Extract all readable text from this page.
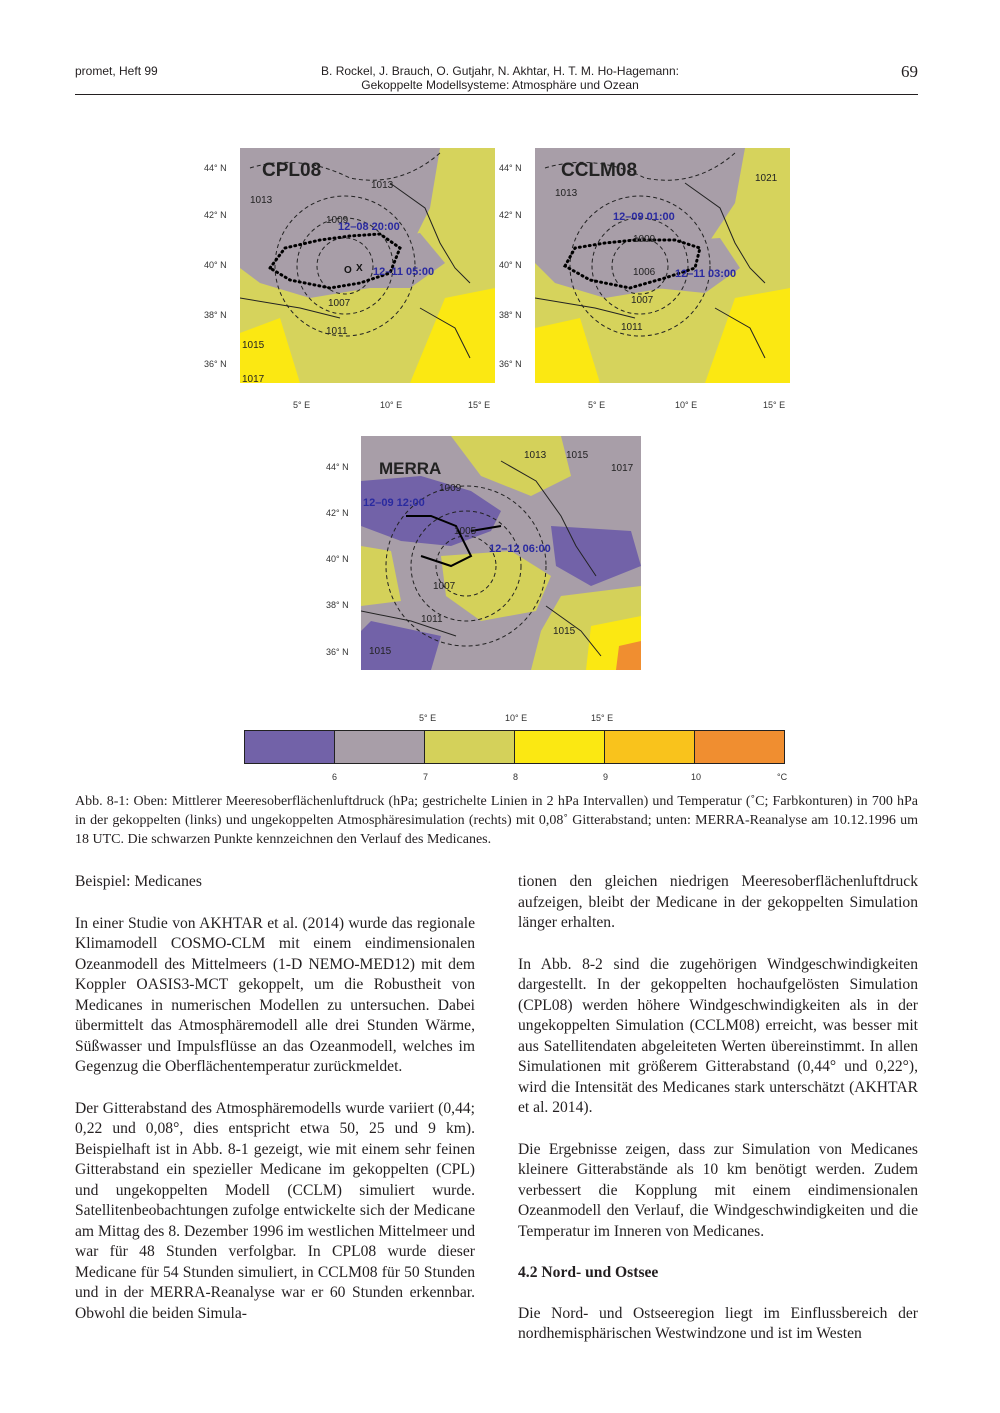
promet, Heft 99	B. Rockel, J. Brauch, O. Gutjahr, N. Akhtar, H. T. M. Ho-Hagemann:
Gekoppelte Modellsysteme: Atmosphäre und Ozean
69
CPL08
1013
1013
1009
1007
1011
1015
1017
12–08 20:00
12–11 05:00
O X
CCLM08
1013
1021
1009
1007
1011
1006
12–09 01:00
12–11 03:00
44° N
42° N
40° N
38° N
36° N
44° N
42° N
40° N
38° N
36° N
5° E	10° E	15° E	5° E	10° E	15° E
MERRA
1013 1015
1017
1009
1005
1007
1011
1015
1015
12–09 12:00
12–12 06:00
44° N
42° N
40° N
38° N
36° N
5° E	10° E	15° E
6	7	8	9	10	°C
Abb. 8-1: Oben: Mittlerer Meeresoberflächenluftdruck (hPa; gestrichelte Linien in 2 hPa Intervallen) und Temperatur (˚C; Farbkonturen) in 700 hPa in der gekoppelten (links) und ungekoppelten Atmosphäresimulation (rechts) mit 0,08˚ Gitterabstand; unten: MERRA-Reanalyse am 10.12.1996 um 18 UTC. Die schwarzen Punkte kennzeichnen den Verlauf des Medicanes.

Beispiel: Medicanes

In einer Studie von AKHTAR et al. (2014) wurde das regionale Klimamodell COSMO-CLM mit einem eindimensionalen Ozeanmodell des Mittelmeers (1-D NEMO-MED12) mit dem Koppler OASIS3-MCT gekoppelt, um die Robustheit von Medicanes in numerischen Modellen zu untersuchen. Dabei übermittelt das Atmosphäremodell alle drei Stunden Wärme, Süßwasser und Impulsflüsse an das Ozeanmodell, welches im Gegenzug die Oberflächentemperatur zurückmeldet.

Der Gitterabstand des Atmosphäremodells wurde variiert (0,44; 0,22 und 0,08°, dies entspricht etwa 50, 25 und 9 km). Beispielhaft ist in Abb. 8-1 gezeigt, wie mit einem sehr feinen Gitterabstand ein spezieller Medicane im gekoppelten (CPL) und ungekoppelten Modell (CCLM) simuliert wurde. Satellitenbeobachtungen zufolge entwickelte sich der Medicane am Mittag des 8. Dezember 1996 im westlichen Mittelmeer und war für 48 Stunden verfolgbar. In CPL08 wurde dieser Medicane für 54 Stunden simuliert, in CCLM08 für 50 Stunden und in der MERRA-Reanalyse war er 60 Stunden erkennbar. Obwohl die beiden Simula-

tionen den gleichen niedrigen Meeresoberflächenluftdruck aufzeigen, bleibt der Medicane in der gekoppelten Simulation länger erhalten.

In Abb. 8-2 sind die zugehörigen Windgeschwindigkeiten dargestellt. In der gekoppelten hochaufgelösten Simulation (CPL08) werden höhere Windgeschwindigkeiten als in der ungekoppelten Simulation (CCLM08) erreicht, was besser mit aus Satellitendaten abgeleiteten Werten übereinstimmt. In allen Simulationen mit größerem Gitterabstand (0,44° und 0,22°), wird die Intensität des Medicanes stark unterschätzt (AKHTAR et al. 2014).

Die Ergebnisse zeigen, dass zur Simulation von Medicanes kleinere Gitterabstände als 10 km benötigt werden. Zudem verbessert die Kopplung mit einem eindimensionalen Ozeanmodell den Verlauf, die Windgeschwindigkeiten und die Temperatur im Inneren von Medicanes.

4.2 Nord- und Ostsee

Die Nord- und Ostseeregion liegt im Einflussbereich der nordhemisphärischen Westwindzone und ist im Westen
